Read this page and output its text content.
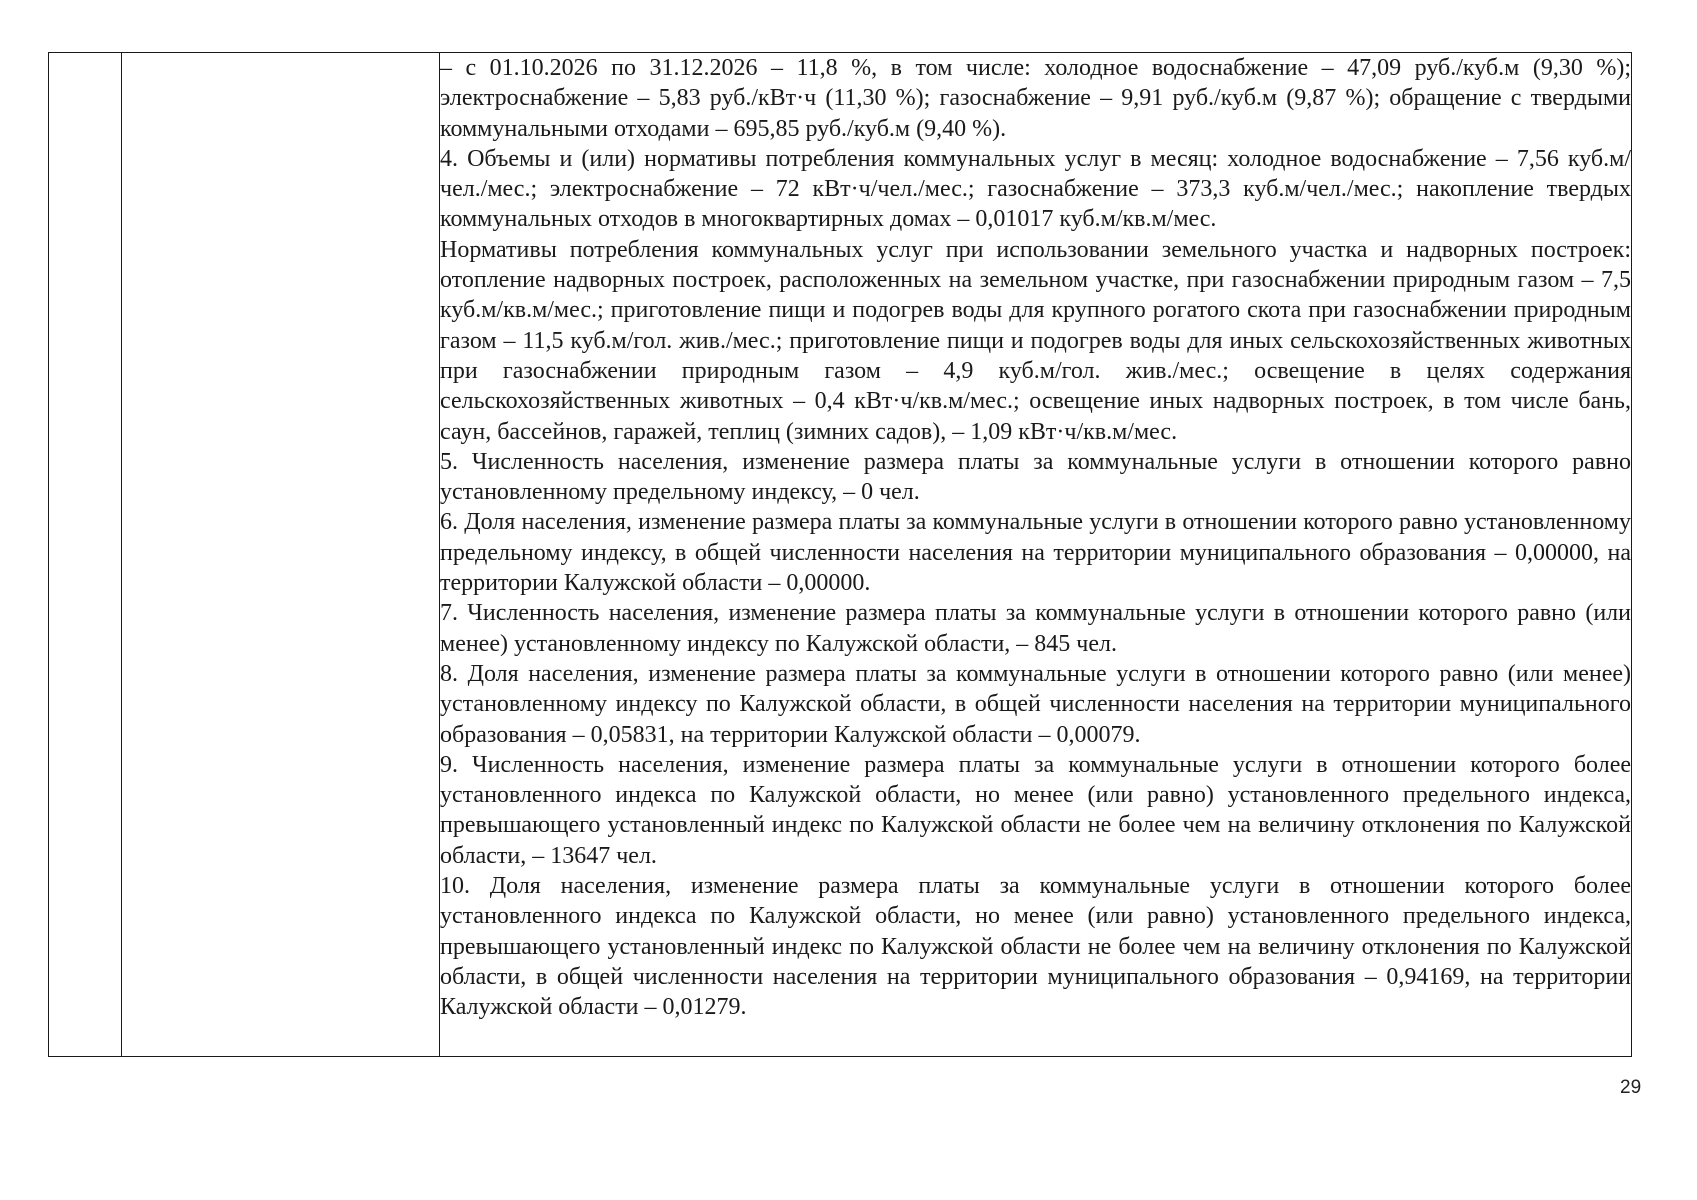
– с 01.10.2026 по 31.12.2026 – 11,8 %, в том числе: холодное водоснабжение – 47,09 руб./куб.м (9,30 %); электроснабжение – 5,83 руб./кВт·ч (11,30 %); газоснабжение – 9,91 руб./куб.м (9,87 %); обращение с твердыми коммунальными отходами – 695,85 руб./куб.м (9,40 %).

4. Объемы и (или) нормативы потребления коммунальных услуг в месяц: холодное водоснабжение – 7,56 куб.м/чел./мес.; электроснабжение – 72 кВт·ч/чел./мес.; газоснабжение – 373,3 куб.м/чел./мес.; накопление твердых коммунальных отходов в многоквартирных домах – 0,01017 куб.м/кв.м/мес.

Нормативы потребления коммунальных услуг при использовании земельного участка и надворных построек: отопление надворных построек, расположенных на земельном участке, при газоснабжении природным газом – 7,5 куб.м/кв.м/мес.; приготовление пищи и подогрев воды для крупного рогатого скота при газоснабжении природным газом – 11,5 куб.м/гол. жив./мес.; приготовление пищи и подогрев воды для иных сельскохозяйственных животных при газоснабжении природным газом – 4,9 куб.м/гол. жив./мес.; освещение в целях содержания сельскохозяйственных животных – 0,4 кВт·ч/кв.м/мес.; освещение иных надворных построек, в том числе бань, саун, бассейнов, гаражей, теплиц (зимних садов), – 1,09 кВт·ч/кв.м/мес.

5. Численность населения, изменение размера платы за коммунальные услуги в отношении которого равно установленному предельному индексу, – 0 чел.

6. Доля населения, изменение размера платы за коммунальные услуги в отношении которого равно установленному предельному индексу, в общей численности населения на территории муниципального образования – 0,00000, на территории Калужской области – 0,00000.

7. Численность населения, изменение размера платы за коммунальные услуги в отношении которого равно (или менее) установленному индексу по Калужской области, – 845 чел.

8. Доля населения, изменение размера платы за коммунальные услуги в отношении которого равно (или менее) установленному индексу по Калужской области, в общей численности населения на территории муниципального образования – 0,05831, на территории Калужской области – 0,00079.

9. Численность населения, изменение размера платы за коммунальные услуги в отношении которого более установленного индекса по Калужской области, но менее (или равно) установленного предельного индекса, превышающего установленный индекс по Калужской области не более чем на величину отклонения по Калужской области, – 13647 чел.

10. Доля населения, изменение размера платы за коммунальные услуги в отношении которого более установленного индекса по Калужской области, но менее (или равно) установленного предельного индекса, превышающего установленный индекс по Калужской области не более чем на величину отклонения по Калужской области, в общей численности населения на территории муниципального образования – 0,94169, на территории Калужской области – 0,01279.

29
